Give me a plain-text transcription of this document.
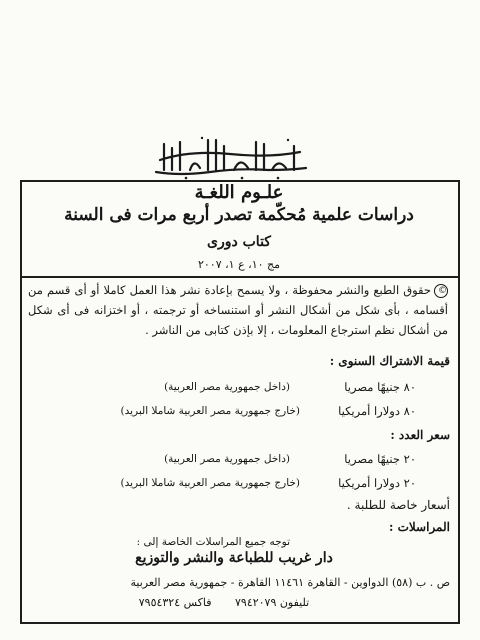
علـوم اللغـة
دراسات علمية مُحكّمة تصدر أربع مرات فى السنة
كتاب دورى
مج ١٠، ع ١، ٢٠٠٧
©حقوق الطبع والنشر محفوظة ، ولا يسمح بإعادة نشر هذا العمل كاملا أو أى قسم من أقسامه ، بأى شكل من أشكال النشر أو استنساخه أو ترجمته ، أو اختزانه فى أى شكل من أشكال نظم استرجاع المعلومات ، إلا بإذن كتابى من الناشر .
قيمة الاشتراك السنوى :
٨٠ جنيهًا مصريا
(داخل جمهورية مصر العربية)
٨٠ دولارا أمريكيا
(خارج جمهورية مصر العربية شاملا البريد)
سعر العدد :
٢٠ جنيهًا مصريا
(داخل جمهورية مصر العربية)
٢٠ دولارا أمريكيا
(خارج جمهورية مصر العربية شاملا البريد)
أسعار خاصة للطلبة .
المراسلات :
توجه جميع المراسلات الخاصة إلى :
دار غريب للطباعة والنشر والتوزيع
ص . ب (٥٨) الدواوين - القاهرة ١١٤٦١ القاهرة - جمهورية مصر العربية
تليفون ٧٩٤٢٠٧٩ فاكس ٧٩٥٤٣٢٤
